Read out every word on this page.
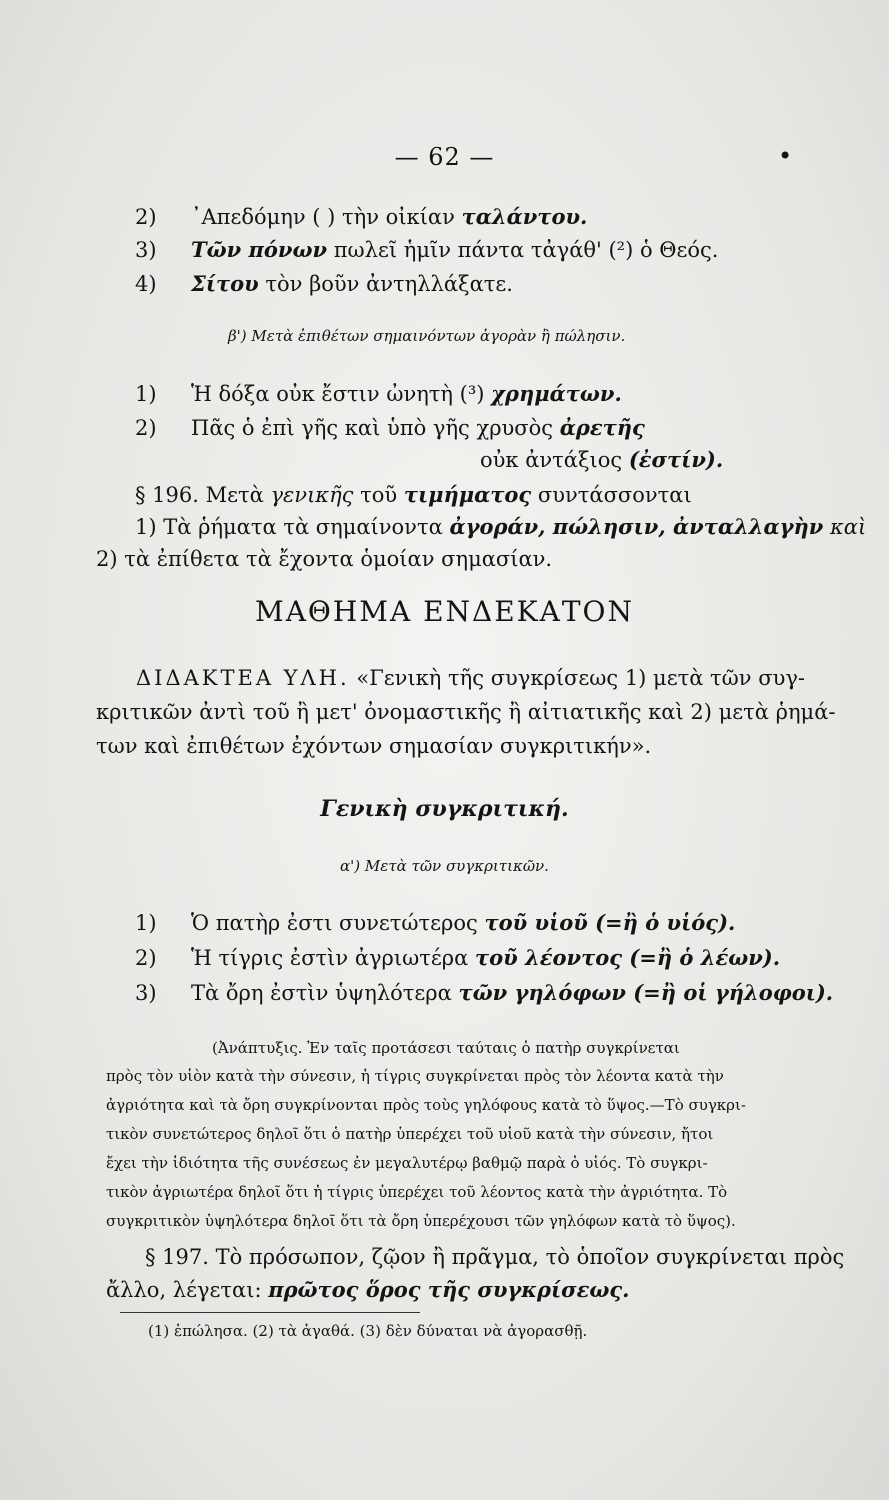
— 62 —	•
2) ᾿Απεδόμην ( ) τὴν οἰκίαν ταλάντου.
3) Τῶν πόνων πωλεῖ ἡμῖν πάντα τἀγάθ' (²) ὁ Θεός.
4) Σίτου τὸν βοῦν ἀντηλλάξατε.
β') Μετὰ ἐπιθέτων σημαινόντων ἀγορὰν ἢ πώλησιν.
1) Ἡ δόξα οὐκ ἔστιν ὠνητὴ (³) χρημάτων.
2) Πᾶς ὁ ἐπὶ γῆς καὶ ὑπὸ γῆς χρυσὸς ἀρετῆς
οὐκ ἀντάξιος (ἐστίν).
§ 196. Μετὰ γενικῆς τοῦ τιμήματος συντάσσονται
1) Τὰ ῥήματα τὰ σημαίνοντα ἀγοράν, πώλησιν, ἀνταλλαγὴν καὶ
2) τὰ ἐπίθετα τὰ ἔχοντα ὁμοίαν σημασίαν.
ΜΑΘΗΜΑ ΕΝΔΕΚΑΤΟΝ
ΔΙΔΑΚΤΕΑ ΥΛΗ. «Γενικὴ τῆς συγκρίσεως 1) μετὰ τῶν συγ-
κριτικῶν ἀντὶ τοῦ ἢ μετ' ὀνομαστικῆς ἢ αἰτιατικῆς καὶ 2) μετὰ ῥημά-
των καὶ ἐπιθέτων ἐχόντων σημασίαν συγκριτικήν».
Γενικὴ συγκριτική.
α') Μετὰ τῶν συγκριτικῶν.
1) Ὁ πατὴρ ἐστι συνετώτερος τοῦ υἱοῦ (=ἢ ὁ υἱός).
2) Ἡ τίγρις ἐστὶν ἀγριωτέρα τοῦ λέοντος (=ἢ ὁ λέων).
3) Τὰ ὄρη ἐστὶν ὑψηλότερα τῶν γηλόφων (=ἢ οἱ γήλοφοι).
(Ἀνάπτυξις. Ἐν ταῖς προτάσεσι ταύταις ὁ πατὴρ συγκρίνεται
πρὸς τὸν υἱὸν κατὰ τὴν σύνεσιν, ἡ τίγρις συγκρίνεται πρὸς τὸν λέοντα κατὰ τὴν
ἀγριότητα καὶ τὰ ὄρη συγκρίνονται πρὸς τοὺς γηλόφους κατὰ τὸ ὕψος.—Τὸ συγκρι-
τικὸν συνετώτερος δηλοῖ ὅτι ὁ πατὴρ ὑπερέχει τοῦ υἱοῦ κατὰ τὴν σύνεσιν, ἤτοι
ἔχει τὴν ἰδιότητα τῆς συνέσεως ἐν μεγαλυτέρῳ βαθμῷ παρὰ ὁ υἱός. Τὸ συγκρι-
τικὸν ἀγριωτέρα δηλοῖ ὅτι ἡ τίγρις ὑπερέχει τοῦ λέοντος κατὰ τὴν ἀγριότητα. Τὸ
συγκριτικὸν ὑψηλότερα δηλοῖ ὅτι τὰ ὄρη ὑπερέχουσι τῶν γηλόφων κατὰ τὸ ὕψος).
§ 197. Τὸ πρόσωπον, ζῷον ἢ πρᾶγμα, τὸ ὁποῖον συγκρίνεται πρὸς
ἄλλο, λέγεται: πρῶτος ὅρος τῆς συγκρίσεως.
(1) ἐπώλησα. (2) τὰ ἀγαθά. (3) δὲν δύναται νὰ ἀγορασθῇ.
